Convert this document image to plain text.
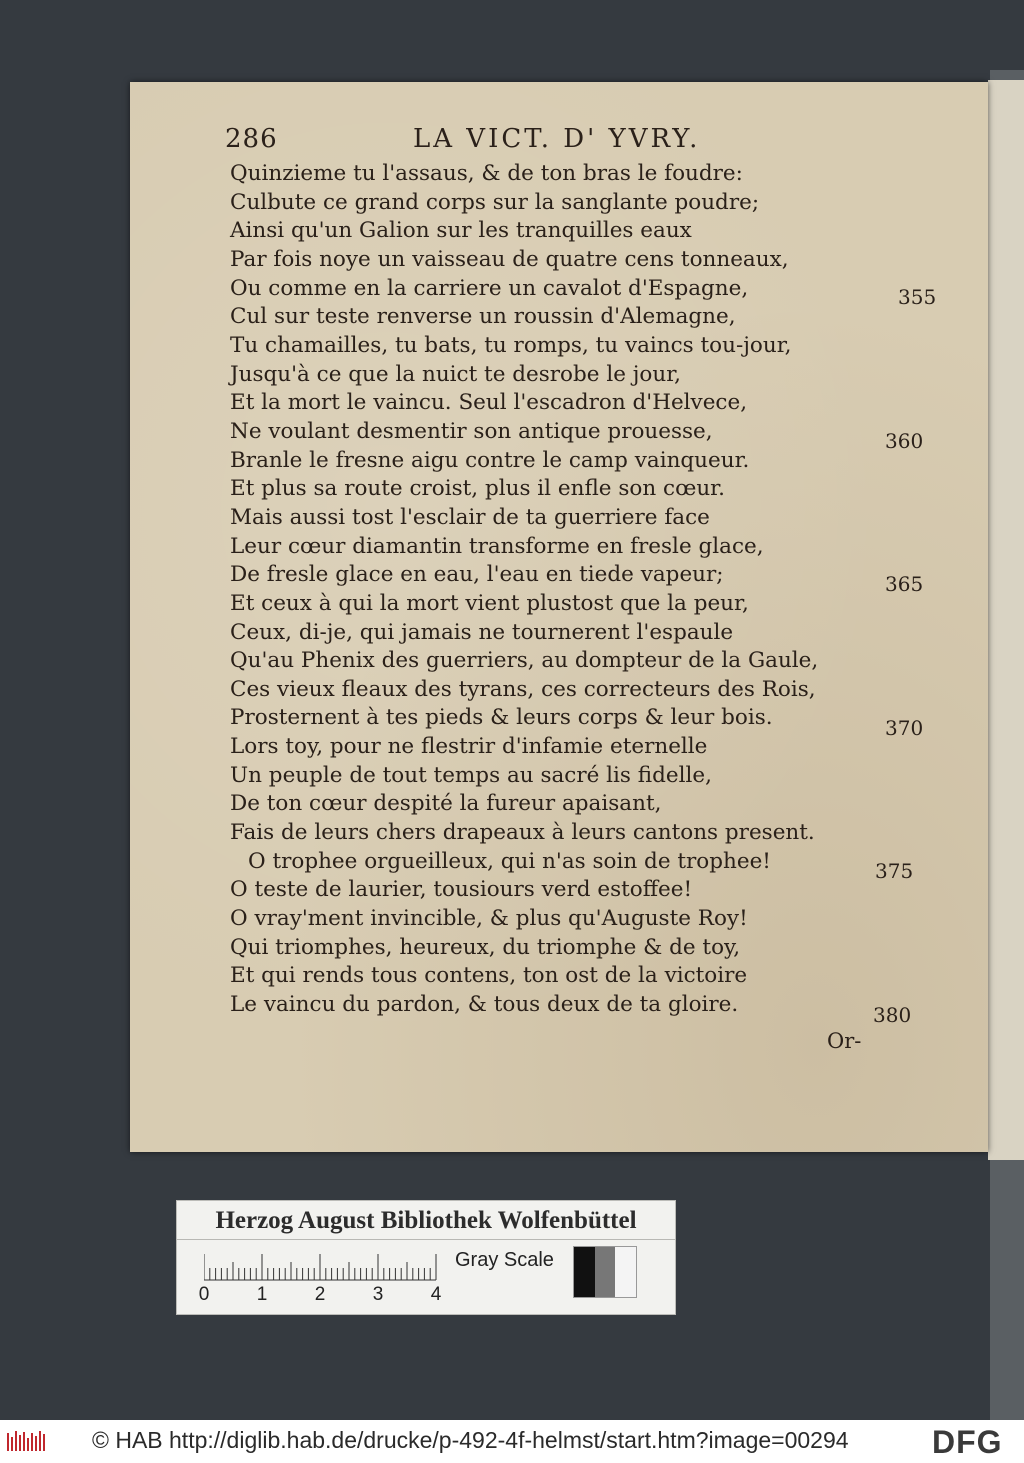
286	LA VICT. D' YVRY.
Quinzieme tu l'assaus, & de ton bras le foudre:
Culbute ce grand corps sur la sanglante poudre;
Ainsi qu'un Galion sur les tranquilles eaux
Par fois noye un vaisseau de quatre cens tonneaux,
Ou comme en la carriere un cavalot d'Espagne,
Cul sur teste renverse un roussin d'Alemagne,
Tu chamailles, tu bats, tu romps, tu vaincs tou-jour,
Jusqu'à ce que la nuict te desrobe le jour,
Et la mort le vaincu. Seul l'escadron d'Helvece,
Ne voulant desmentir son antique prouesse,
Branle le fresne aigu contre le camp vainqueur.
Et plus sa route croist, plus il enfle son cœur.
Mais aussi tost l'esclair de ta guerriere face
Leur cœur diamantin transforme en fresle glace,
De fresle glace en eau, l'eau en tiede vapeur;
Et ceux à qui la mort vient plustost que la peur,
Ceux, di-je, qui jamais ne tournerent l'espaule
Qu'au Phenix des guerriers, au dompteur de la Gaule,
Ces vieux fleaux des tyrans, ces correcteurs des Rois,
Prosternent à tes pieds & leurs corps & leur bois.
Lors toy, pour ne flestrir d'infamie eternelle
Un peuple de tout temps au sacré lis fidelle,
De ton cœur despité la fureur apaisant,
Fais de leurs chers drapeaux à leurs cantons present.
O trophee orgueilleux, qui n'as soin de trophee!
O teste de laurier, tousiours verd estoffee!
O vray'ment invincible, & plus qu'Auguste Roy!
Qui triomphes, heureux, du triomphe & de toy,
Et qui rends tous contens, ton ost de la victoire
Le vaincu du pardon, & tous deux de ta gloire.
355
360
365
370
375
380
Or-
Herzog August Bibliothek Wolfenbüttel
0 1 2 3 4
Gray Scale
© HAB http://diglib.hab.de/drucke/p-492-4f-helmst/start.htm?image=00294	DFG
